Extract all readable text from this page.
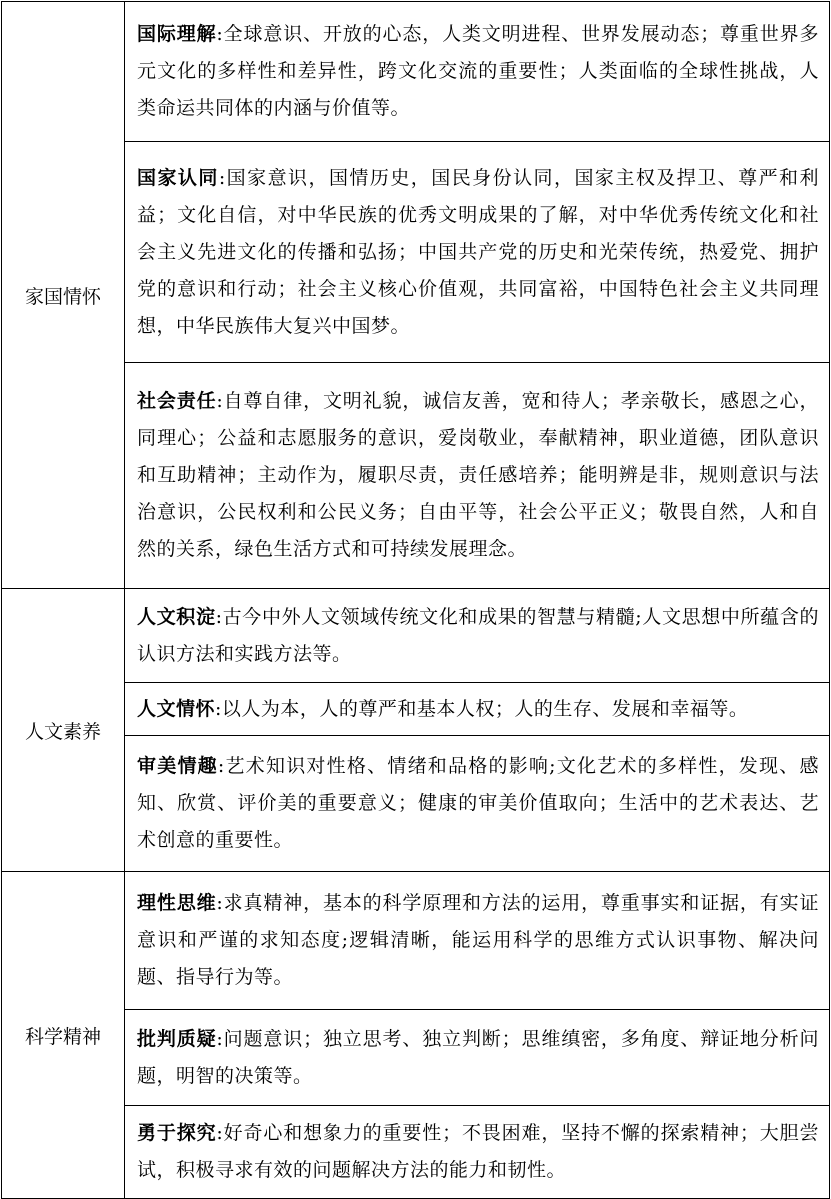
家国情怀	国际理解:全球意识、开放的心态，人类文明进程、世界发展动态；尊重世界多元文化的多样性和差异性，跨文化交流的重要性；人类面临的全球性挑战，人类命运共同体的内涵与价值等。
	国家认同:国家意识，国情历史，国民身份认同，国家主权及捍卫、尊严和利益；文化自信，对中华民族的优秀文明成果的了解，对中华优秀传统文化和社会主义先进文化的传播和弘扬；中国共产党的历史和光荣传统，热爱党、拥护党的意识和行动；社会主义核心价值观，共同富裕，中国特色社会主义共同理想，中华民族伟大复兴中国梦。
	社会责任:自尊自律，文明礼貌，诚信友善，宽和待人；孝亲敬长，感恩之心，同理心；公益和志愿服务的意识，爱岗敬业，奉献精神，职业道德，团队意识和互助精神；主动作为，履职尽责，责任感培养；能明辨是非，规则意识与法治意识，公民权利和公民义务；自由平等，社会公平正义；敬畏自然，人和自然的关系，绿色生活方式和可持续发展理念。
人文素养	人文积淀:古今中外人文领域传统文化和成果的智慧与精髓;人文思想中所蕴含的认识方法和实践方法等。
	人文情怀:以人为本，人的尊严和基本人权；人的生存、发展和幸福等。
	审美情趣:艺术知识对性格、情绪和品格的影响;文化艺术的多样性，发现、感知、欣赏、评价美的重要意义；健康的审美价值取向；生活中的艺术表达、艺术创意的重要性。
科学精神	理性思维:求真精神，基本的科学原理和方法的运用，尊重事实和证据，有实证意识和严谨的求知态度;逻辑清晰，能运用科学的思维方式认识事物、解决问题、指导行为等。
	批判质疑:问题意识；独立思考、独立判断；思维缜密，多角度、辩证地分析问题，明智的决策等。
	勇于探究:好奇心和想象力的重要性；不畏困难，坚持不懈的探索精神；大胆尝试，积极寻求有效的问题解决方法的能力和韧性。
